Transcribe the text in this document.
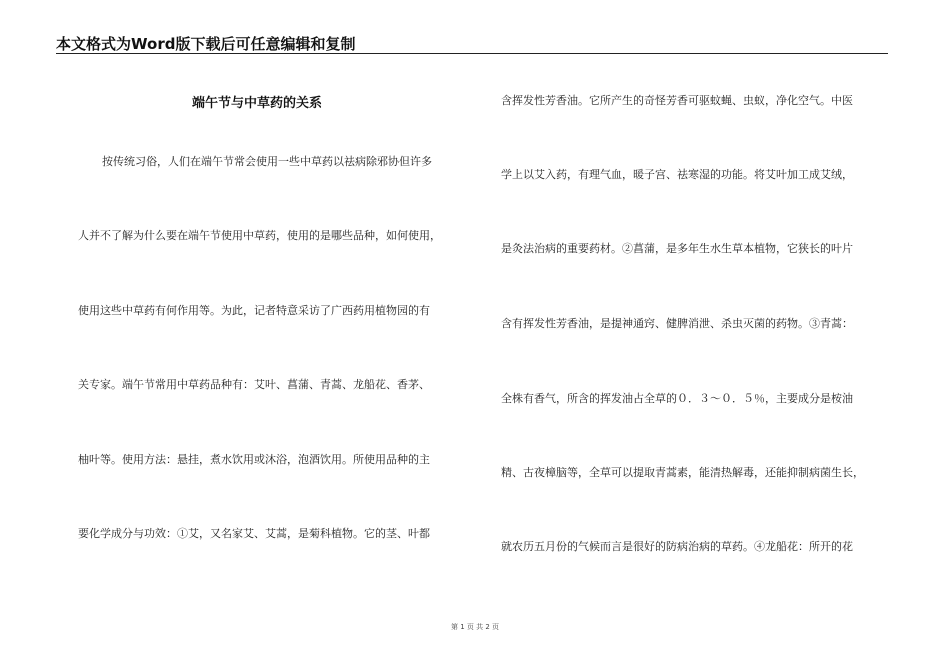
本文格式为Word版下载后可任意编辑和复制
端午节与中草药的关系
按传统习俗，人们在端午节常会使用一些中草药以祛病除邪协但许多
人并不了解为什么要在端午节使用中草药，使用的是哪些品种，如何使用，
使用这些中草药有何作用等。为此，记者特意采访了广西药用植物园的有
关专家。端午节常用中草药品种有：艾叶、菖蒲、青蒿、龙船花、香茅、
柚叶等。使用方法：悬挂，煮水饮用或沐浴，泡酒饮用。所使用品种的主
要化学成分与功效：①艾，又名家艾、艾蒿，是菊科植物。它的茎、叶都
含挥发性芳香油。它所产生的奇怪芳香可驱蚊蝇、虫蚁，净化空气。中医
学上以艾入药，有理气血，暖子宫、祛寒湿的功能。将艾叶加工成艾绒，
是灸法治病的重要药材。②菖蒲，是多年生水生草本植物，它狭长的叶片
含有挥发性芳香油，是提神通窍、健脾消泄、杀虫灭菌的药物。③青蒿：
全株有香气，所含的挥发油占全草的０．３～０．５％，主要成分是桉油
精、古夜樟脑等，全草可以提取青蒿素，能清热解毒，还能抑制病菌生长，
就农历五月份的气候而言是很好的防病治病的草药。④龙船花：所开的花
第 1 页 共 2 页
